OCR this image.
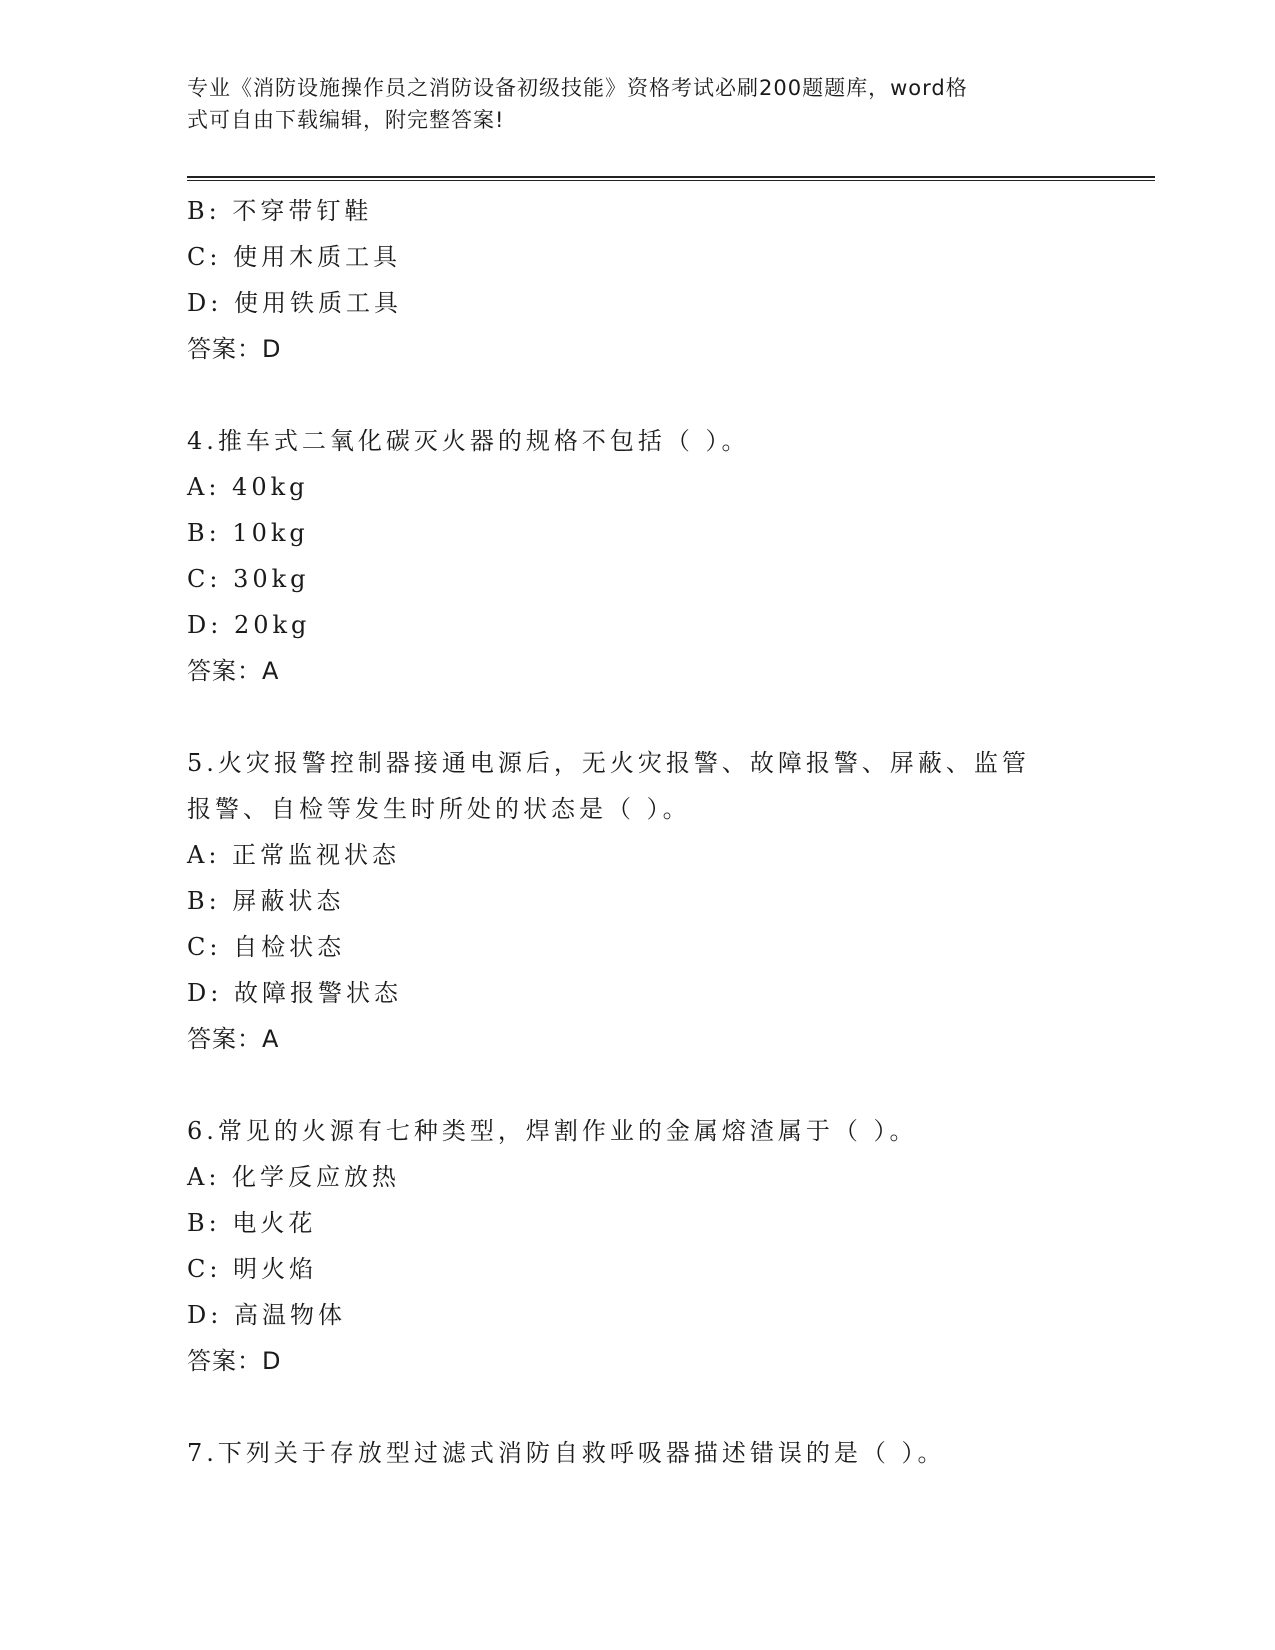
专业《消防设施操作员之消防设备初级技能》资格考试必刷200题题库，word格
式可自由下载编辑，附完整答案!
B: 不穿带钉鞋
C: 使用木质工具
D: 使用铁质工具
答案：D
4.推车式二氧化碳灭火器的规格不包括（ ）。
A: 40kg
B: 10kg
C: 30kg
D: 20kg
答案：A
5.火灾报警控制器接通电源后，无火灾报警、故障报警、屏蔽、监管
报警、自检等发生时所处的状态是（ ）。
A: 正常监视状态
B: 屏蔽状态
C: 自检状态
D: 故障报警状态
答案：A
6.常见的火源有七种类型，焊割作业的金属熔渣属于（ ）。
A: 化学反应放热
B: 电火花
C: 明火焰
D: 高温物体
答案：D
7.下列关于存放型过滤式消防自救呼吸器描述错误的是（ ）。
